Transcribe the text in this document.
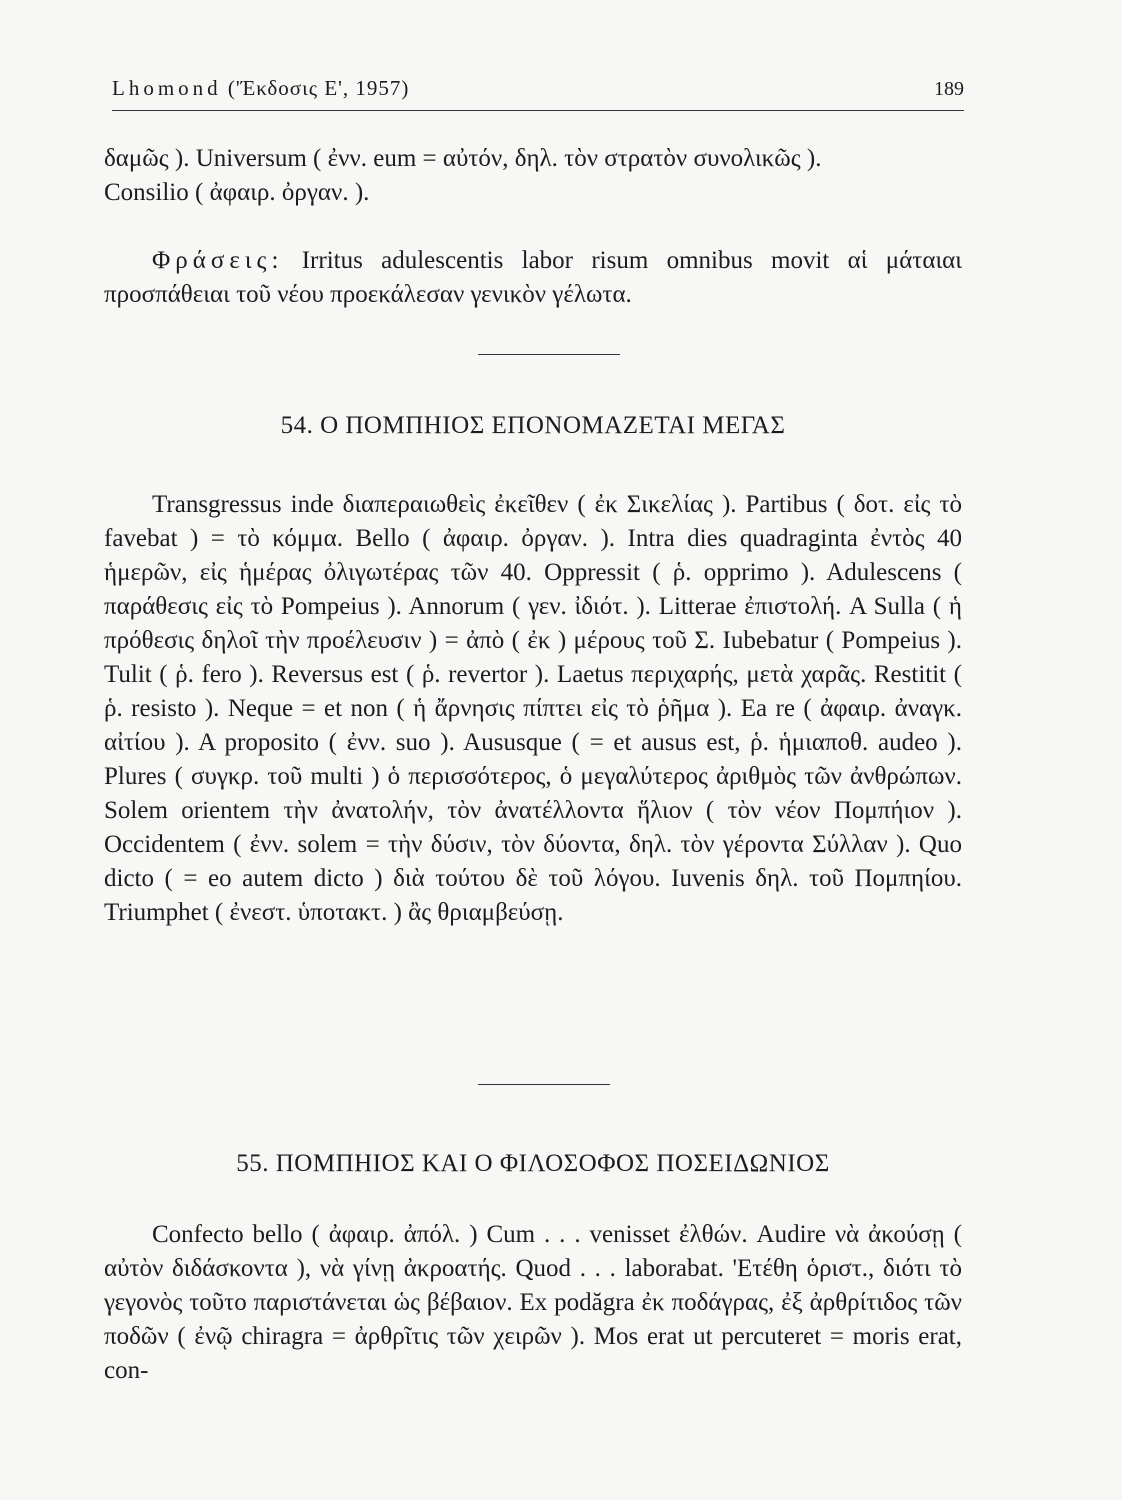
Lhomond ('Έκδοσις Ε', 1957)	189

δαμῶς ). Universum ( ἐνν. eum = αὐτόν, δηλ. τὸν στρατὸν συνολικῶς ).

Consilio ( ἀφαιρ. ὀργαν. ).

Φράσεις: Irritus adulescentis labor risum omnibus movit αἱ μάταιαι προσπάθειαι τοῦ νέου προεκάλεσαν γενικὸν γέλωτα.

54. Ο ΠΟΜΠΗΙΟΣ ΕΠΟΝΟΜΑΖΕΤΑΙ ΜΕΓΑΣ

Transgressus inde διαπεραιωθεὶς ἐκεῖθεν ( ἐκ Σικελίας ). Partibus ( δοτ. εἰς τὸ favebat ) = τὸ κόμμα. Bello ( ἀφαιρ. ὀργαν. ). Intra dies quadraginta ἐντὸς 40 ἡμερῶν, εἰς ἡμέρας ὀλιγωτέρας τῶν 40. Oppressit ( ῥ. opprimo ). Adulescens ( παράθεσις εἰς τὸ Pompeius ). Annorum ( γεν. ἰδιότ. ). Litterae ἐπιστολή. A Sulla ( ἡ πρόθεσις δηλοῖ τὴν προέλευσιν ) = ἀπὸ ( ἐκ ) μέρους τοῦ Σ. Iubebatur ( Pompeius ). Tulit ( ῥ. fero ). Reversus est ( ῥ. revertor ). Laetus περιχαρής, μετὰ χαρᾶς. Restitit ( ῥ. resisto ). Neque = et non ( ἡ ἄρνησις πίπτει εἰς τὸ ῥῆμα ). Ea re ( ἀφαιρ. ἀναγκ. αἰτίου ). A proposito ( ἐνν. suo ). Aususque ( = et ausus est, ῥ. ἡμιαποθ. audeo ). Plures ( συγκρ. τοῦ multi ) ὁ περισσότερος, ὁ μεγαλύτερος ἀριθμὸς τῶν ἀνθρώπων. Solem orientem τὴν ἀνατολήν, τὸν ἀνατέλλοντα ἥλιον ( τὸν νέον Πομπήιον ). Occidentem ( ἐνν. solem = τὴν δύσιν, τὸν δύοντα, δηλ. τὸν γέροντα Σύλλαν ). Quo dicto ( = eo autem dicto ) διὰ τούτου δὲ τοῦ λόγου. Iuvenis δηλ. τοῦ Πομπηίου. Triumphet ( ἐνεστ. ὑποτακτ. ) ἂς θριαμβεύσῃ.

55. ΠΟΜΠΗΙΟΣ ΚΑΙ Ο ΦΙΛΟΣΟΦΟΣ ΠΟΣΕΙΔΩΝΙΟΣ

Confecto bello ( ἀφαιρ. ἀπόλ. ) Cum . . . venisset ἐλθών. Audire νὰ ἀκούσῃ ( αὐτὸν διδάσκοντα ), νὰ γίνῃ ἀκροατής. Quod . . . laborabat. 'Ετέθη ὁριστ., διότι τὸ γεγονὸς τοῦτο παριστάνεται ὡς βέβαιον. Ex podăgra ἐκ ποδάγρας, ἐξ ἀρθρίτιδος τῶν ποδῶν ( ἐνῷ chiragra = ἀρθρῖτις τῶν χειρῶν ). Mos erat ut percuteret = moris erat, con-
